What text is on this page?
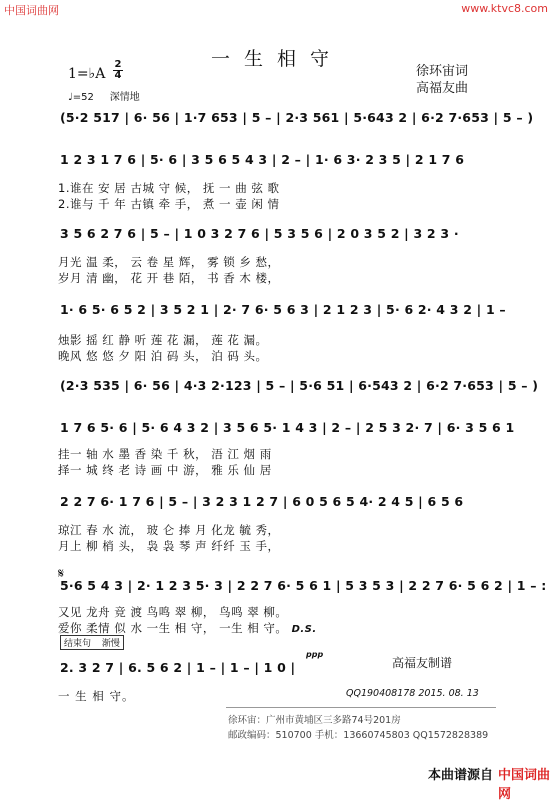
中国词曲网	www.ktvc8.com
一生相守
徐环宙词
高福友曲
1=♭A
2
4
♩=52 深情地
(5·2 517 | 6· 56 | 1·7 653 | 5 – | 2·3 561 | 5·643 2 | 6·2 7·653 | 5 – )
1 2 3 1 7 6 | 5· 6 | 3 5 6 5 4 3 | 2 – | 1· 6 3· 2 3 5 | 2 1 7 6
1.谁在 安 居 古城 守 候， 抚 一 曲 弦 歌
2.谁与 千 年 古镇 牵 手， 煮 一 壶 闲 情
3 5 6 2 7 6 | 5 – | 1 0 3 2 7 6 | 5 3 5 6 | 2 0 3 5 2 | 3 2 3 ·
月光 温 柔， 云 卷 星 辉， 雾 锁 乡 愁，
岁月 清 幽， 花 开 巷 陌， 书 香 木 楼，
1· 6 5· 6 5 2 | 3 5 2 1 | 2· 7 6· 5 6 3 | 2 1 2 3 | 5· 6 2· 4 3 2 | 1 –
烛影 摇 红 静 听 莲 花 漏， 莲 花 漏。
晚风 悠 悠 夕 阳 泊 码 头， 泊 码 头。
(2·3 535 | 6· 56 | 4·3 2·123 | 5 – | 5·6 51 | 6·543 2 | 6·2 7·653 | 5 – )
1 7 6 5· 6 | 5· 6 4 3 2 | 3 5 6 5· 1 4 3 | 2 – | 2 5 3 2· 7 | 6· 3 5 6 1
挂一 轴 水 墨 香 染 千 秋， 浯 江 烟 雨
择一 城 终 老 诗 画 中 游， 雅 乐 仙 居
2 2 7 6· 1 7 6 | 5 – | 3 2 3 1 2 7 | 6 0 5 6 5 4· 2 4 5 | 6 5 6
琼江 春 水 流， 玻 仑 捧 月 化龙 毓 秀，
月上 柳 梢 头， 袅 袅 琴 声 纤纤 玉 手，
𝄋
5·6 5 4 3 | 2· 1 2 3 5· 3 | 2 2 7 6· 5 6 1 | 5 3 5 3 | 2 2 7 6· 5 6 2 | 1 – :
又见 龙舟 竞 渡 鸟鸣 翠 柳， 鸟鸣 翠 柳。
爱你 柔情 似 水 一生 相 守， 一生 相 守。 D.S.
结束句 渐慢
ppp
2. 3 2 7 | 6. 5 6 2 | 1 – | 1 – | 1 0 |
一 生 相 守。
高福友制谱
QQ190408178 2015. 08. 13
徐环宙：广州市黄埔区三多路74号201房
邮政编码：510700 手机：13660745803 QQ1572828389
本曲谱源自 中国词曲网
